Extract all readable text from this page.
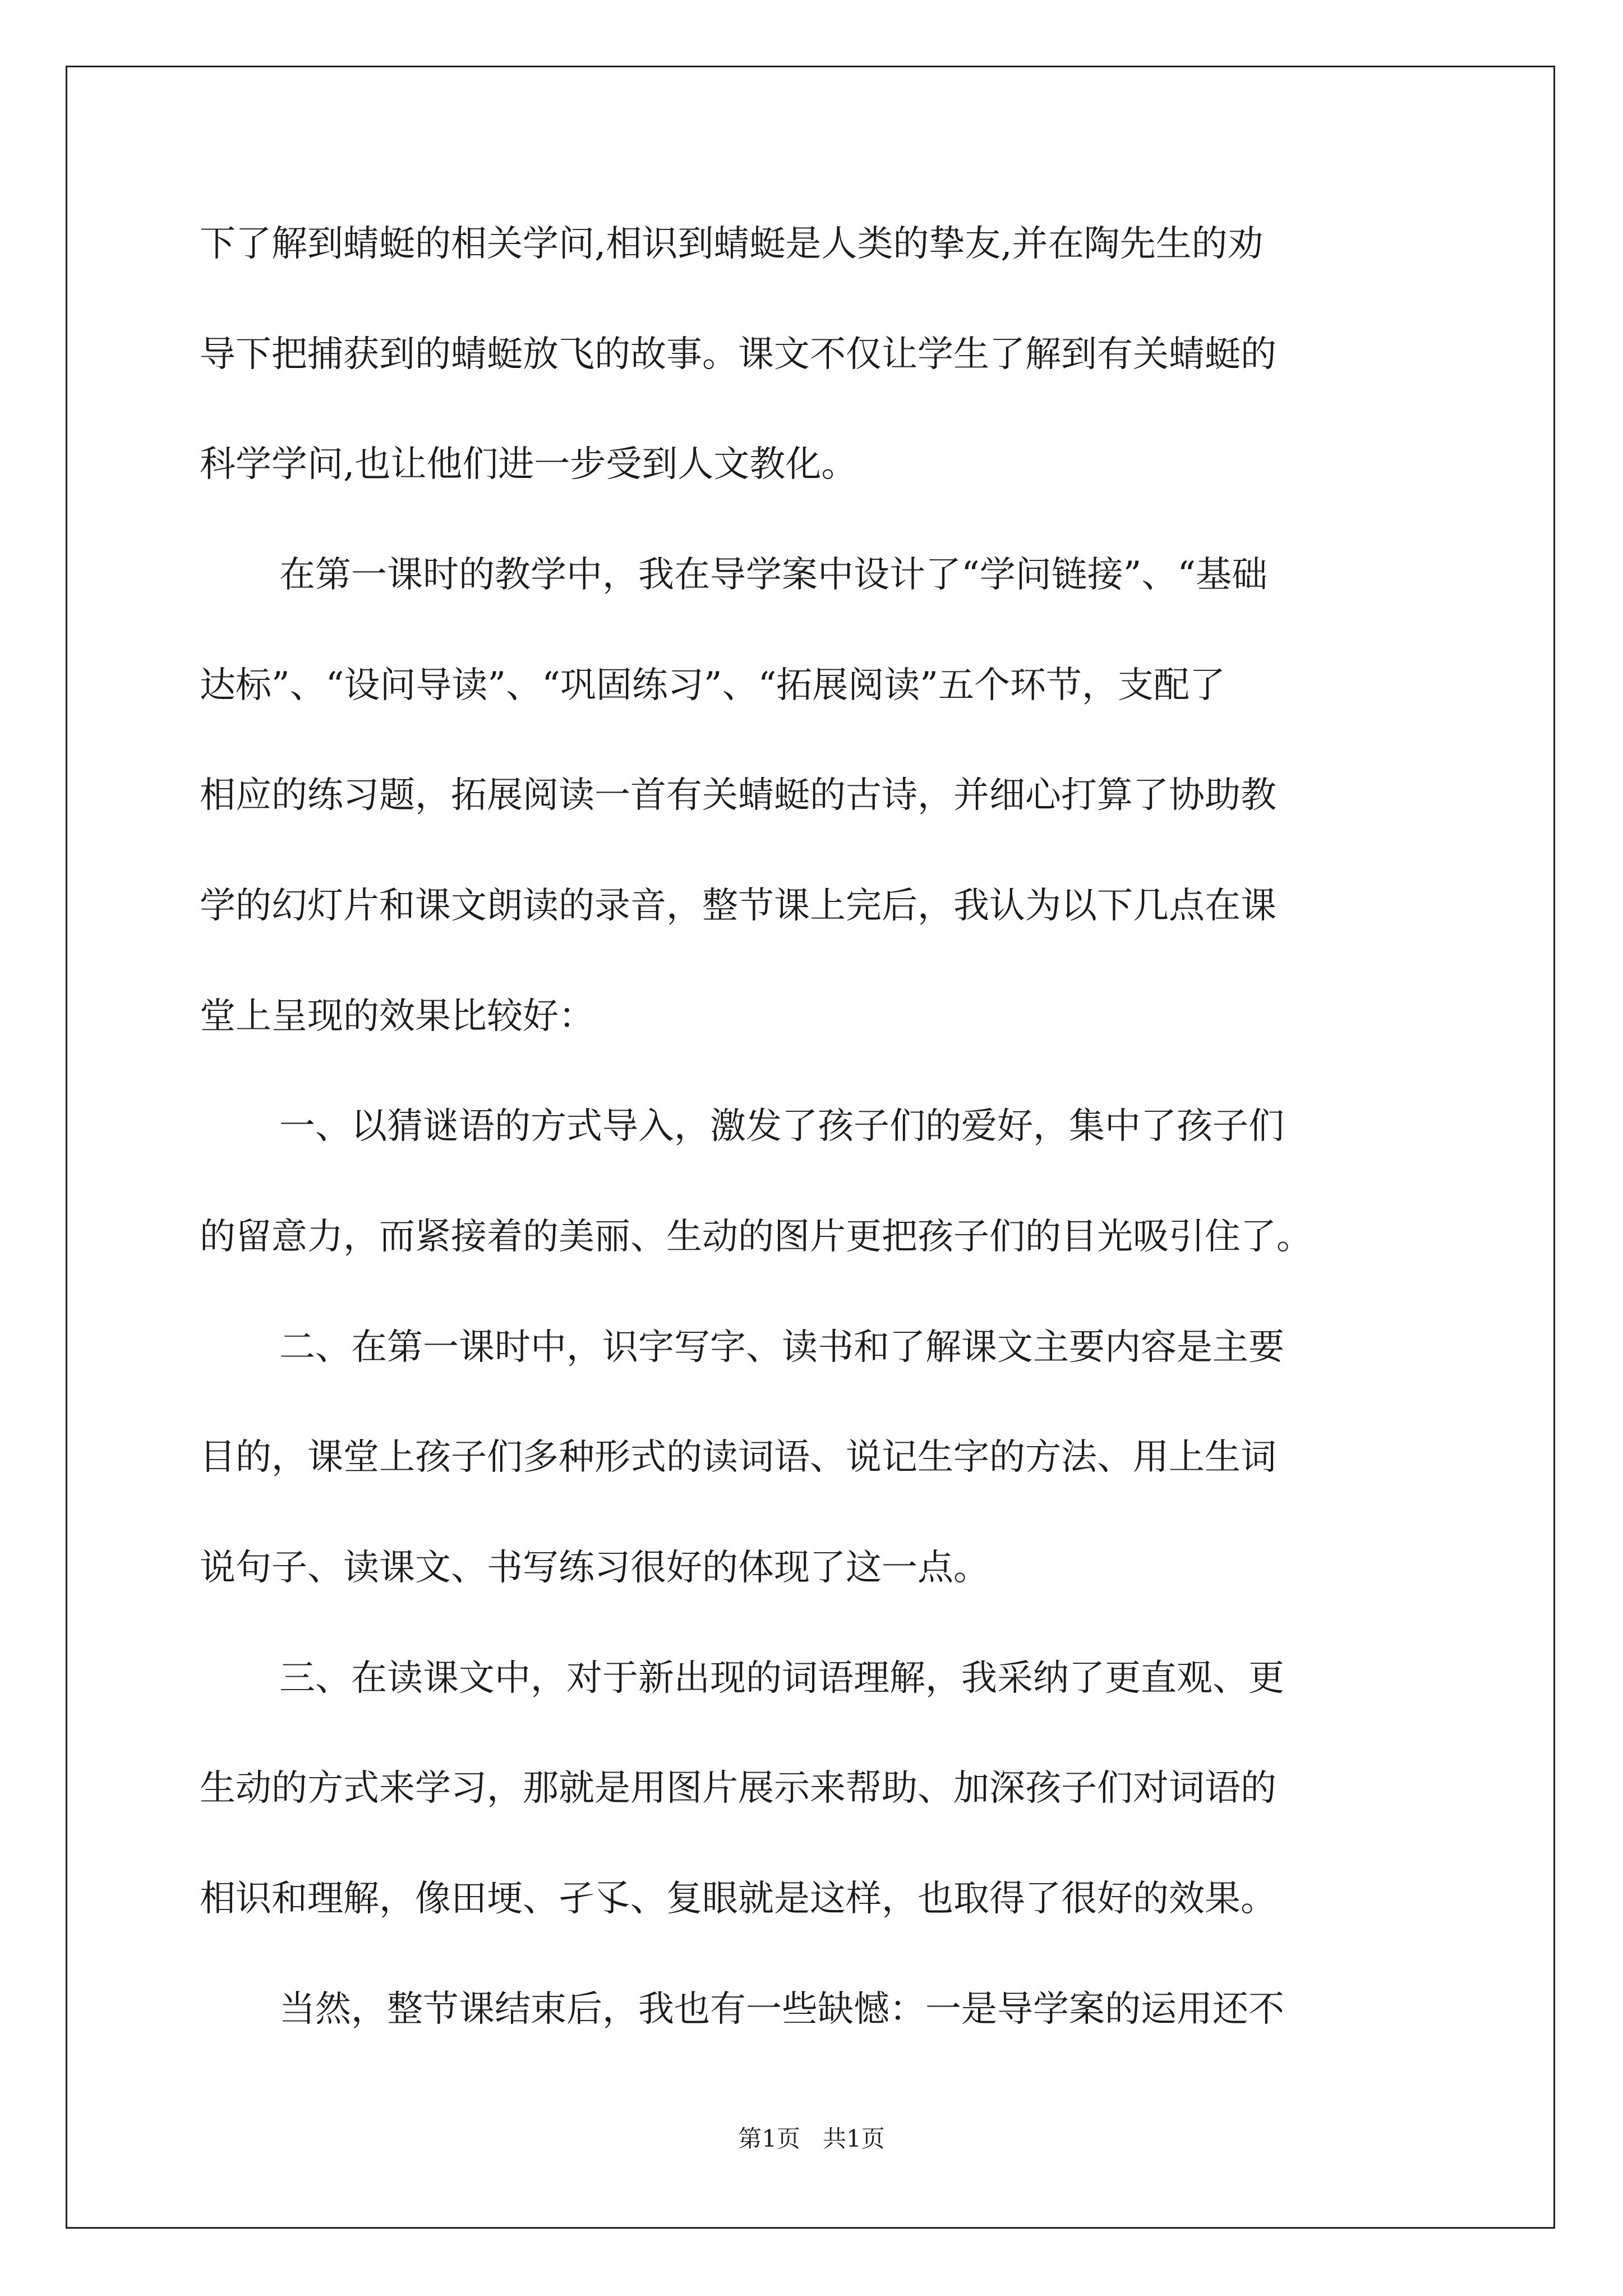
下了解到蜻蜓的相关学问,相识到蜻蜓是人类的挚友,并在陶先生的劝
导下把捕获到的蜻蜓放飞的故事。课文不仅让学生了解到有关蜻蜓的
科学学问,也让他们进一步受到人文教化。
在第一课时的教学中，我在导学案中设计了“学问链接”、“基础
达标”、“设问导读”、“巩固练习”、“拓展阅读”五个环节，支配了
相应的练习题，拓展阅读一首有关蜻蜓的古诗，并细心打算了协助教
学的幻灯片和课文朗读的录音，整节课上完后，我认为以下几点在课
堂上呈现的效果比较好：
一、以猜谜语的方式导入，激发了孩子们的爱好，集中了孩子们
的留意力，而紧接着的美丽、生动的图片更把孩子们的目光吸引住了。
二、在第一课时中，识字写字、读书和了解课文主要内容是主要
目的，课堂上孩子们多种形式的读词语、说记生字的方法、用上生词
说句子、读课文、书写练习很好的体现了这一点。
三、在读课文中，对于新出现的词语理解，我采纳了更直观、更
生动的方式来学习，那就是用图片展示来帮助、加深孩子们对词语的
相识和理解，像田埂、孑孓、复眼就是这样，也取得了很好的效果。
当然，整节课结束后，我也有一些缺憾：一是导学案的运用还不
第1页   共1页
